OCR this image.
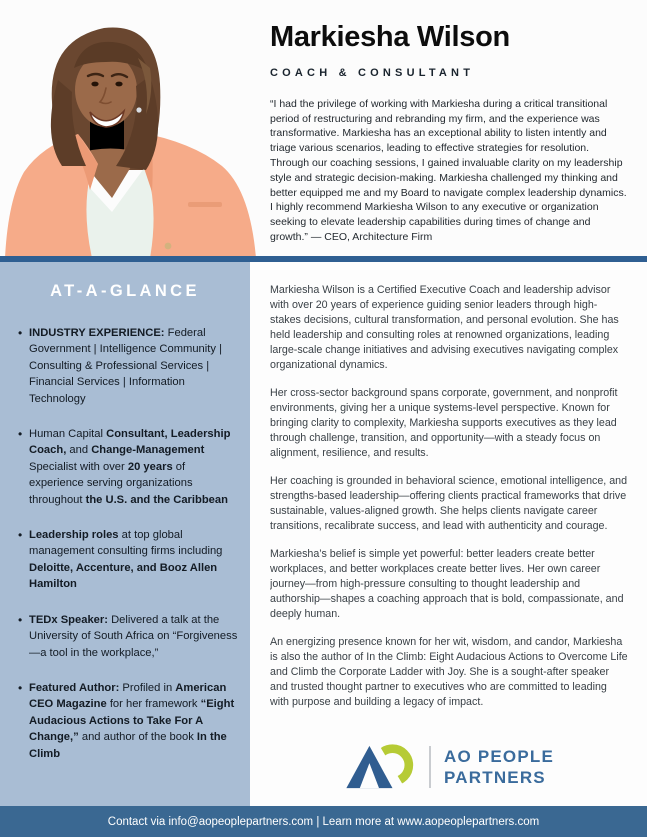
Markiesha Wilson
COACH & CONSULTANT

“I had the privilege of working with Markiesha during a critical transitional period of restructuring and rebranding my firm, and the experience was transformative. Markiesha has an exceptional ability to listen intently and triage various scenarios, leading to effective strategies for resolution. Through our coaching sessions, I gained invaluable clarity on my leadership style and strategic decision-making. Markiesha challenged my thinking and better equipped me and my Board to navigate complex leadership dynamics. I highly recommend Markiesha Wilson to any executive or organization seeking to elevate leadership capabilities during times of change and growth.” — CEO, Architecture Firm

AT-A-GLANCE
• INDUSTRY EXPERIENCE: Federal Government | Intelligence Community | Consulting & Professional Services | Financial Services | Information Technology
• Human Capital Consultant, Leadership Coach, and Change-Management Specialist with over 20 years of experience serving organizations throughout the U.S. and the Caribbean
• Leadership roles at top global management consulting firms including Deloitte, Accenture, and Booz Allen Hamilton
• TEDx Speaker: Delivered a talk at the University of South Africa on “Forgiveness—a tool in the workplace,”
• Featured Author: Profiled in American CEO Magazine for her framework “Eight Audacious Actions to Take For A Change,” and author of the book In the Climb

Markiesha Wilson is a Certified Executive Coach and leadership advisor with over 20 years of experience guiding senior leaders through high-stakes decisions, cultural transformation, and personal evolution. She has held leadership and consulting roles at renowned organizations, leading large-scale change initiatives and advising executives navigating complex organizational dynamics.

Her cross-sector background spans corporate, government, and nonprofit environments, giving her a unique systems-level perspective. Known for bringing clarity to complexity, Markiesha supports executives as they lead through challenge, transition, and opportunity—with a steady focus on alignment, resilience, and results.

Her coaching is grounded in behavioral science, emotional intelligence, and strengths-based leadership—offering clients practical frameworks that drive sustainable, values-aligned growth. She helps clients navigate career transitions, recalibrate success, and lead with authenticity and courage.

Markiesha’s belief is simple yet powerful: better leaders create better workplaces, and better workplaces create better lives. Her own career journey—from high-pressure consulting to thought leadership and authorship—shapes a coaching approach that is bold, compassionate, and deeply human.

An energizing presence known for her wit, wisdom, and candor, Markiesha is also the author of In the Climb: Eight Audacious Actions to Overcome Life and Climb the Corporate Ladder with Joy. She is a sought-after speaker and trusted thought partner to executives who are committed to leading with purpose and building a legacy of impact.

AO PEOPLE
PARTNERS
Contact via info@aopeoplepartners.com | Learn more at www.aopeoplepartners.com
